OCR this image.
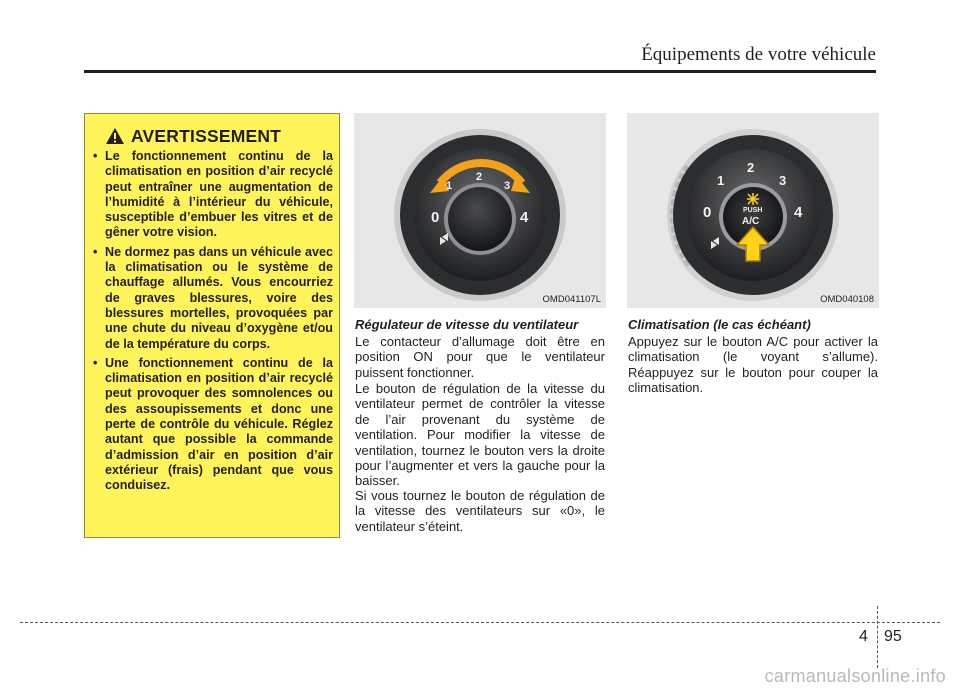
Équipements de votre véhicule
AVERTISSEMENT
• Le fonctionnement continu de la climatisation en position d’air recyclé peut entraîner une augmentation de l’humidité à l’intérieur du véhicule, susceptible d’embuer les vitres et de gêner votre vision.
• Ne dormez pas dans un véhicule avec la climatisation ou le système de chauffage allumés. Vous encourriez de graves blessures, voire des blessures mortelles, provoquées par une chute du niveau d’oxygène et/ou de la température du corps.
• Une fonctionnement continu de la climatisation en position d’air recyclé peut provoquer des somnolences ou des assoupissements et donc une perte de contrôle du véhicule. Réglez autant que possible la commande d’admission d’air en position d’air extérieur (frais) pendant que vous conduisez.
0
1
2
3
4
OMD041107L
0
1
2
3
4
PUSH
A/C
OMD040108
Régulateur de vitesse du ventilateur

Le contacteur d’allumage doit être en position ON pour que le ventilateur puissent fonctionner.

Le bouton de régulation de la vitesse du ventilateur permet de contrôler la vitesse de l’air provenant du système de ventilation. Pour modifier la vitesse de ventilation, tournez le bouton vers la droite pour l’augmenter et vers la gauche pour la baisser.

Si vous tournez le bouton de régulation de la vitesse des ventilateurs sur «0», le ventilateur s’éteint.

Climatisation (le cas échéant)

Appuyez sur le bouton A/C pour activer la climatisation (le voyant s’allume). Réappuyez sur le bouton pour couper la climatisation.

4 95
carmanualsonline.info
